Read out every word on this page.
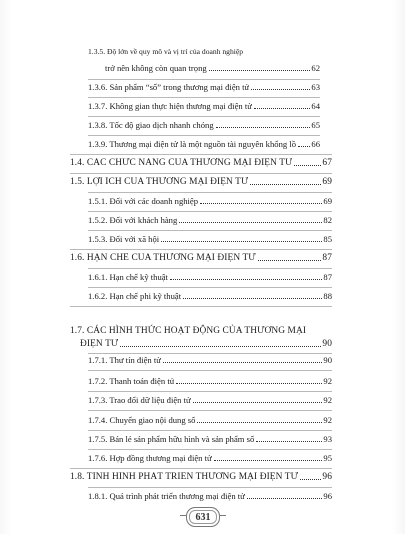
1.3.5. Độ lớn về quy mô và vị trí của doanh nghiệp
trở nên không còn quan trọng	62
1.3.6. Sản phẩm “số” trong thương mại điện tử	63
1.3.7. Không gian thực hiện thương mại điện tử	64
1.3.8. Tốc độ giao dịch nhanh chóng	65
1.3.9. Thương mại điện tử là một nguồn tài nguyên khổng lồ 66
1.4. CÁC CHỨC NĂNG CỦA THƯƠNG MẠI ĐIỆN TỬ	67
1.5. LỢI ÍCH CỦA THƯƠNG MẠI ĐIỆN TỬ	69
1.5.1. Đối với các doanh nghiệp	69
1.5.2. Đối với khách hàng	82
1.5.3. Đối với xã hội	85
1.6. HẠN CHẾ CỦA THƯƠNG MẠI ĐIỆN TỬ	87
1.6.1. Hạn chế kỹ thuật	87
1.6.2. Hạn chế phi kỹ thuật	88
1.7. CÁC HÌNH THỨC HOẠT ĐỘNG CỦA THƯƠNG MẠI
ĐIỆN TỬ	90
1.7.1. Thư tín điện tử	90
1.7.2. Thanh toán điện tử	92
1.7.3. Trao đổi dữ liệu điện tử	92
1.7.4. Chuyển giao nội dung số	92
1.7.5. Bán lẻ sản phẩm hữu hình và sản phẩm số	93
1.7.6. Hợp đồng thương mại điện tử	95
1.8. TÌNH HÌNH PHÁT TRIỂN THƯƠNG MẠI ĐIỆN TỬ	96
1.8.1. Quá trình phát triển thương mại điện tử	96
631
